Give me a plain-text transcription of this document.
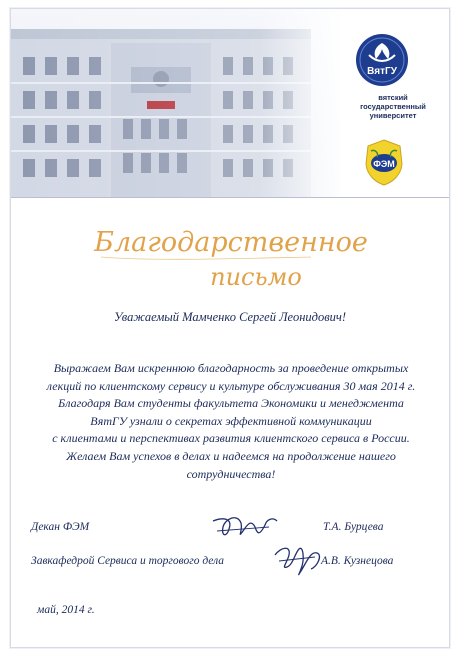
ВятГУ
вятский
государственный
университет
ФЭМ
Благодарственное
письмо
Уважаемый Мамченко Сергей Леонидович!
Выражаем Вам искреннюю благодарность за проведение открытых
лекций по клиентскому сервису и культуре обслуживания 30 мая 2014 г.
Благодаря Вам студенты факультета Экономики и менеджмента
ВятГУ узнали о секретах эффективной коммуникации
с клиентами и перспективах развития клиентского сервиса в России.
Желаем Вам успехов в делах и надеемся на продолжение нашего
сотрудничества!
Декан ФЭМ	Т.А. Бурцева
Завкафедрой Сервиса и торгового дела	А.В. Кузнецова
май, 2014 г.
